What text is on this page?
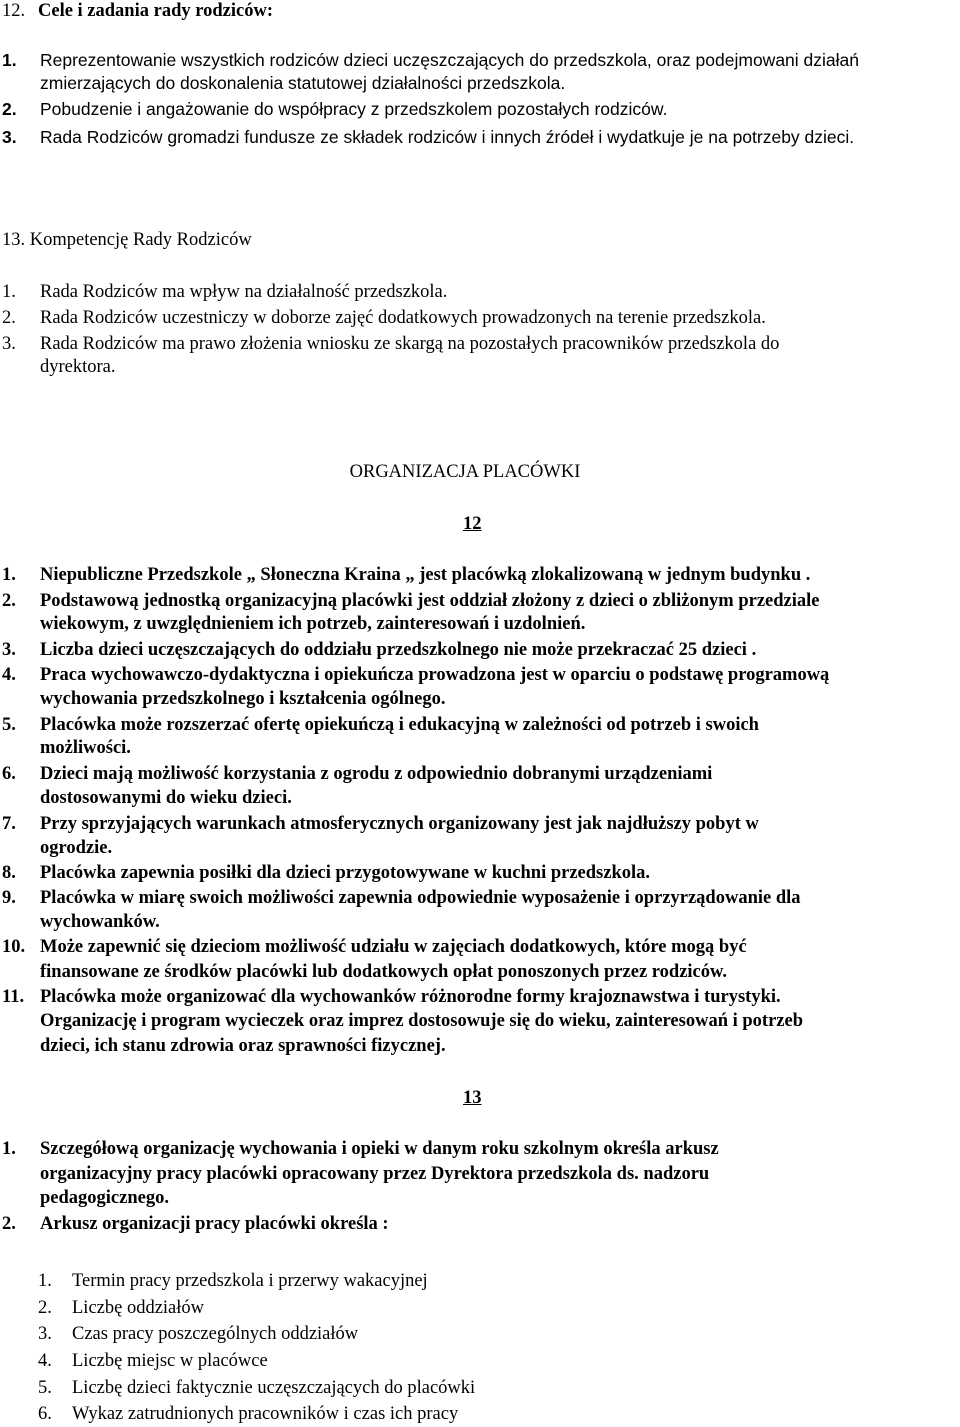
12. Cele i zadania rady rodziców:
1. Reprezentowanie wszystkich rodziców dzieci uczęszczających do przedszkola, oraz podejmowani działań
zmierzających do doskonalenia statutowej działalności przedszkola.
2. Pobudzenie i angażowanie do współpracy z przedszkolem pozostałych rodziców.
3. Rada Rodziców gromadzi fundusze ze składek rodziców i innych źródeł i wydatkuje je na potrzeby dzieci.
13. Kompetencję Rady Rodziców
1. Rada Rodziców ma wpływ na działalność przedszkola.
2. Rada Rodziców uczestniczy w doborze zajęć dodatkowych prowadzonych na terenie przedszkola.
3. Rada Rodziców ma prawo złożenia wniosku ze skargą na pozostałych pracowników przedszkola do
dyrektora.
ORGANIZACJA PLACÓWKI
12
1. Niepubliczne Przedszkole „ Słoneczna Kraina „ jest placówką zlokalizowaną w jednym budynku .
2. Podstawową jednostką organizacyjną placówki jest oddział złożony z dzieci o zbliżonym przedziale
wiekowym, z uwzględnieniem ich potrzeb, zainteresowań i uzdolnień.
3. Liczba dzieci uczęszczających do oddziału przedszkolnego nie może przekraczać 25 dzieci .
4. Praca wychowawczo-dydaktyczna i opiekuńcza prowadzona jest w oparciu o podstawę programową
wychowania przedszkolnego i kształcenia ogólnego.
5. Placówka może rozszerzać ofertę opiekuńczą i edukacyjną w zależności od potrzeb i swoich
możliwości.
6. Dzieci mają możliwość korzystania z ogrodu z odpowiednio dobranymi urządzeniami
dostosowanymi do wieku dzieci.
7. Przy sprzyjających warunkach atmosferycznych organizowany jest jak najdłuższy pobyt w
ogrodzie.
8. Placówka zapewnia posiłki dla dzieci przygotowywane w kuchni przedszkola.
9. Placówka w miarę swoich możliwości zapewnia odpowiednie wyposażenie i oprzyrządowanie dla
wychowanków.
10. Może zapewnić się dzieciom możliwość udziału w zajęciach dodatkowych, które mogą być
finansowane ze środków placówki lub dodatkowych opłat ponoszonych przez rodziców.
11. Placówka może organizować dla wychowanków różnorodne formy krajoznawstwa i turystyki.
Organizację i program wycieczek oraz imprez dostosowuje się do wieku, zainteresowań i potrzeb
dzieci, ich stanu zdrowia oraz sprawności fizycznej.
13
1. Szczegółową organizację wychowania i opieki w danym roku szkolnym określa arkusz
organizacyjny pracy placówki opracowany przez Dyrektora przedszkola ds. nadzoru
pedagogicznego.
2. Arkusz organizacji pracy placówki określa :
1. Termin pracy przedszkola i przerwy wakacyjnej
2. Liczbę oddziałów
3. Czas pracy poszczególnych oddziałów
4. Liczbę miejsc w placówce
5. Liczbę dzieci faktycznie uczęszczających do placówki
6. Wykaz zatrudnionych pracowników i czas ich pracy
